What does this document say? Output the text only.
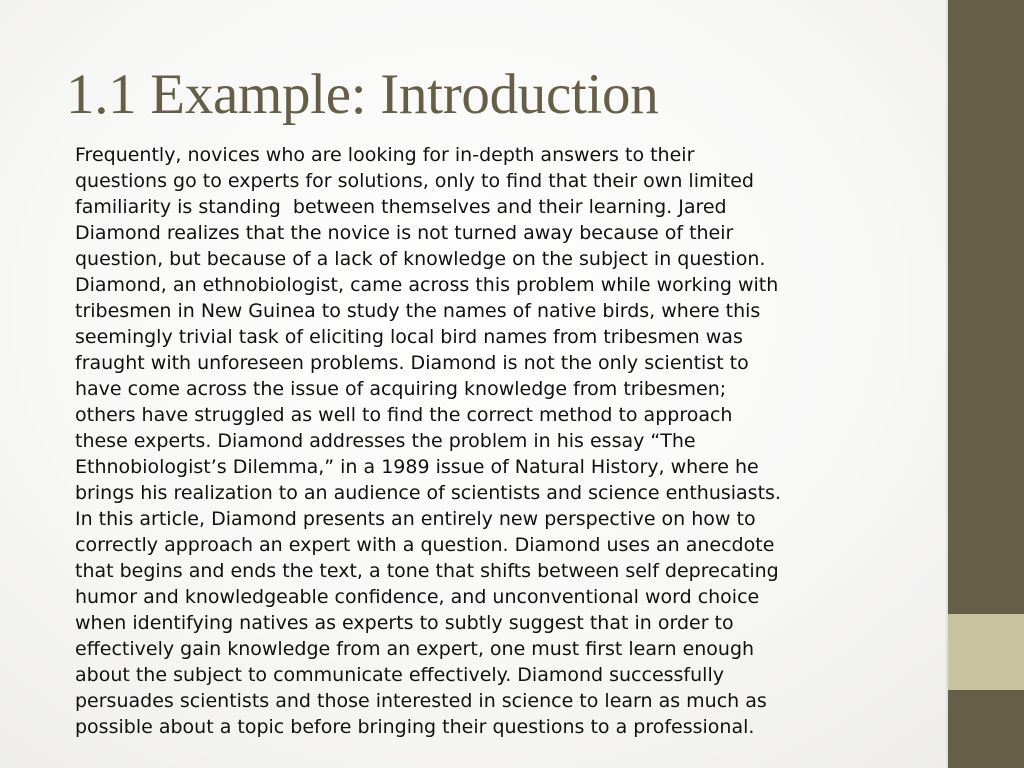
1.1 Example: Introduction
Frequently, novices who are looking for in-depth answers to their
questions go to experts for solutions, only to find that their own limited
familiarity is standing  between themselves and their learning. Jared
Diamond realizes that the novice is not turned away because of their
question, but because of a lack of knowledge on the subject in question.
Diamond, an ethnobiologist, came across this problem while working with
tribesmen in New Guinea to study the names of native birds, where this
seemingly trivial task of eliciting local bird names from tribesmen was
fraught with unforeseen problems. Diamond is not the only scientist to
have come across the issue of acquiring knowledge from tribesmen;
others have struggled as well to find the correct method to approach
these experts. Diamond addresses the problem in his essay “The
Ethnobiologist’s Dilemma,” in a 1989 issue of Natural History, where he
brings his realization to an audience of scientists and science enthusiasts.
In this article, Diamond presents an entirely new perspective on how to
correctly approach an expert with a question. Diamond uses an anecdote
that begins and ends the text, a tone that shifts between self deprecating
humor and knowledgeable confidence, and unconventional word choice
when identifying natives as experts to subtly suggest that in order to
effectively gain knowledge from an expert, one must first learn enough
about the subject to communicate effectively. Diamond successfully
persuades scientists and those interested in science to learn as much as
possible about a topic before bringing their questions to a professional.
